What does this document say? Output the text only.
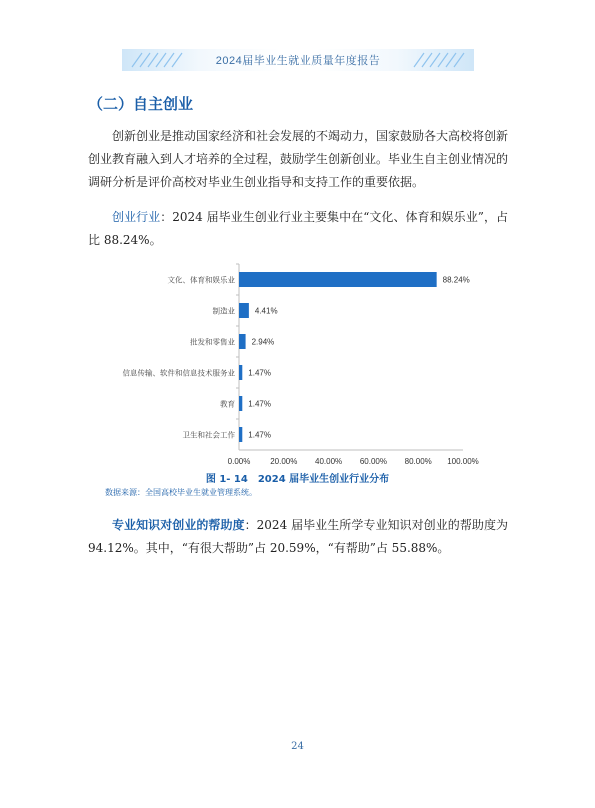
2024届毕业生就业质量年度报告
（二）自主创业
创新创业是推动国家经济和社会发展的不竭动力，国家鼓励各大高校将创新创业教育融入到人才培养的全过程，鼓励学生创新创业。毕业生自主创业情况的调研分析是评价高校对毕业生创业指导和支持工作的重要依据。
创业行业：2024 届毕业生创业行业主要集中在“文化、体育和娱乐业”，占比 88.24%。
文化、体育和娱乐业	88.24%
制造业 4.41%
批发和零售业 2.94%
信息传输、软件和信息技术服务业 1.47%
教育 1.47%
卫生和社会工作 1.47%
0.00% 20.00% 40.00% 60.00% 80.00% 100.00%
图 1- 14　2024 届毕业生创业行业分布
数据来源：全国高校毕业生就业管理系统。
专业知识对创业的帮助度：2024 届毕业生所学专业知识对创业的帮助度为 94.12%。其中，“有很大帮助”占 20.59%，“有帮助”占 55.88%。
24
